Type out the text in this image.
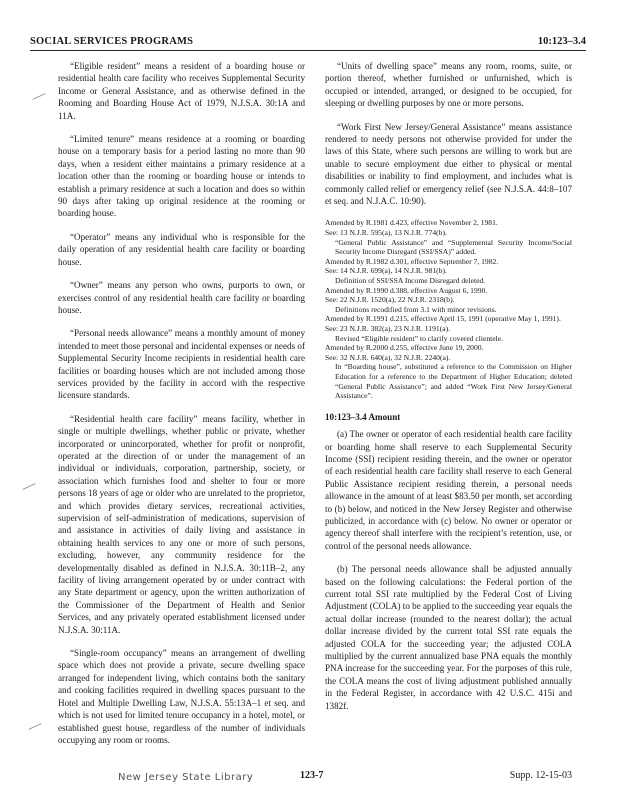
SOCIAL SERVICES PROGRAMS	10:123–3.4

“Eligible resident” means a resident of a boarding house or residential health care facility who receives Supplemental Security Income or General Assistance, and as otherwise defined in the Rooming and Boarding House Act of 1979, N.J.S.A. 30:1A and 11A.

“Limited tenure” means residence at a rooming or boarding house on a temporary basis for a period lasting no more than 90 days, when a resident either maintains a primary residence at a location other than the rooming or boarding house or intends to establish a primary residence at such a location and does so within 90 days after taking up original residence at the rooming or boarding house.

“Operator” means any individual who is responsible for the daily operation of any residential health care facility or boarding house.

“Owner” means any person who owns, purports to own, or exercises control of any residential health care facility or boarding house.

“Personal needs allowance” means a monthly amount of money intended to meet those personal and incidental expenses or needs of Supplemental Security Income recipients in residential health care facilities or boarding houses which are not included among those services provided by the facility in accord with the respective licensure standards.

“Residential health care facility” means facility, whether in single or multiple dwellings, whether public or private, whether incorporated or unincorporated, whether for profit or nonprofit, operated at the direction of or under the management of an individual or individuals, corporation, partnership, society, or association which furnishes food and shelter to four or more persons 18 years of age or older who are unrelated to the proprietor, and which provides dietary services, recreational activities, supervision of self-administration of medications, supervision of and assistance in activities of daily living and assistance in obtaining health services to any one or more of such persons, excluding, however, any community residence for the developmentally disabled as defined in N.J.S.A. 30:11B–2, any facility of living arrangement operated by or under contract with any State department or agency, upon the written authorization of the Commissioner of the Department of Health and Senior Services, and any privately operated establishment licensed under N.J.S.A. 30:11A.

“Single-room occupancy” means an arrangement of dwelling space which does not provide a private, secure dwelling space arranged for independent living, which contains both the sanitary and cooking facilities required in dwelling spaces pursuant to the Hotel and Multiple Dwelling Law, N.J.S.A. 55:13A–1 et seq. and which is not used for limited tenure occupancy in a hotel, motel, or established guest house, regardless of the number of individuals occupying any room or rooms.

“Units of dwelling space” means any room, rooms, suite, or portion thereof, whether furnished or unfurnished, which is occupied or intended, arranged, or designed to be occupied, for sleeping or dwelling purposes by one or more persons.

“Work First New Jersey/General Assistance” means assistance rendered to needy persons not otherwise provided for under the laws of this State, where such persons are willing to work but are unable to secure employment due either to physical or mental disabilities or inability to find employment, and includes what is commonly called relief or emergency relief (see N.J.S.A. 44:8–107 et seq. and N.J.A.C. 10:90).

Amended by R.1981 d.423, effective November 2, 1981.
See: 13 N.J.R. 595(a), 13 N.J.R. 774(b).
“General Public Assistance” and “Supplemental Security Income/Social Security Income Disregard (SSI/SSA)” added.
Amended by R.1982 d.301, effective September 7, 1982.
See: 14 N.J.R. 699(a), 14 N.J.R. 981(b).
Definition of SSI/SSA Income Disregard deleted.
Amended by R.1990 d.388, effective August 6, 1990.
See: 22 N.J.R. 1520(a), 22 N.J.R. 2318(b).
Definitions recodified from 3.1 with minor revisions.
Amended by R.1991 d.215, effective April 15, 1991 (operative May 1, 1991).
See: 23 N.J.R. 382(a), 23 N.J.R. 1191(a).
Revised “Eligible resident” to clarify covered clientele.
Amended by R.2000 d.255, effective June 19, 2000.
See: 32 N.J.R. 640(a), 32 N.J.R. 2240(a).
In “Boarding house”, substituted a reference to the Commission on Higher Education for a reference to the Department of Higher Education; deleted “General Public Assistance”; and added “Work First New Jersey/General Assistance”.
10:123–3.4 Amount

(a) The owner or operator of each residential health care facility or boarding home shall reserve to each Supplemental Security Income (SSI) recipient residing therein, and the owner or operator of each residential health care facility shall reserve to each General Public Assistance recipient residing therein, a personal needs allowance in the amount of at least $83.50 per month, set according to (b) below, and noticed in the New Jersey Register and otherwise publicized, in accordance with (c) below. No owner or operator or agency thereof shall interfere with the recipient’s retention, use, or control of the personal needs allowance.

(b) The personal needs allowance shall be adjusted annually based on the following calculations: the Federal portion of the current total SSI rate multiplied by the Federal Cost of Living Adjustment (COLA) to be applied to the succeeding year equals the actual dollar increase (rounded to the nearest dollar); the actual dollar increase divided by the current total SSI rate equals the adjusted COLA for the succeeding year; the adjusted COLA multiplied by the current annualized base PNA equals the monthly PNA increase for the succeeding year. For the purposes of this rule, the COLA means the cost of living adjustment published annually in the Federal Register, in accordance with 42 U.S.C. 415i and 1382f.

New Jersey State Library	123-7	Supp. 12-15-03
